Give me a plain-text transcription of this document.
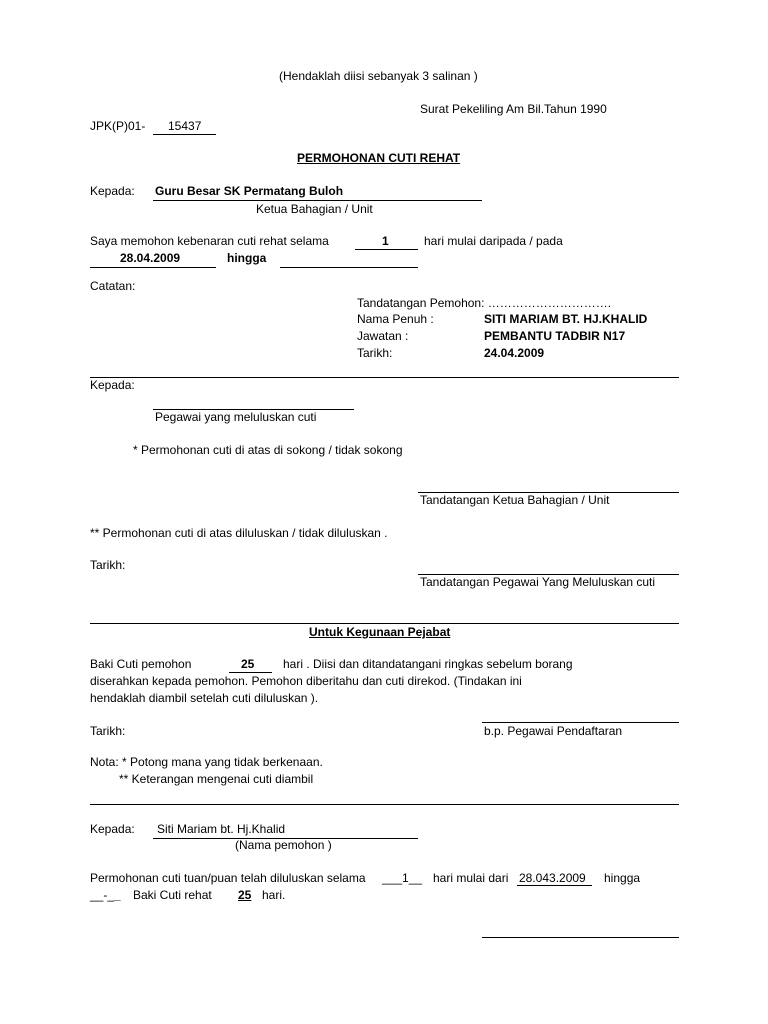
(Hendaklah diisi sebanyak 3 salinan )
Surat Pekeliling Am Bil.Tahun 1990
JPK(P)01- 15437
PERMOHONAN CUTI REHAT
Kepada: Guru Besar SK Permatang Buloh
Ketua Bahagian / Unit
Saya memohon kebenaran cuti rehat selama	1	hari mulai daripada / pada
28.04.2009	hingga
Catatan:
Tandatangan Pemohon: ………………………….
Nama Penuh :	SITI MARIAM BT. HJ.KHALID
Jawatan :	PEMBANTU TADBIR N17
Tarikh:	24.04.2009
Kepada:
Pegawai yang meluluskan cuti
* Permohonan cuti di atas di sokong / tidak sokong
Tandatangan Ketua Bahagian / Unit
** Permohonan cuti di atas diluluskan / tidak diluluskan .
Tarikh:
Tandatangan Pegawai Yang Meluluskan cuti
Untuk Kegunaan Pejabat
Baki Cuti pemohon	25 hari . Diisi dan ditandatangani ringkas sebelum borang
diserahkan kepada pemohon. Pemohon diberitahu dan cuti direkod. (Tindakan ini
hendaklah diambil setelah cuti diluluskan ).
Tarikh:	b.p. Pegawai Pendaftaran
Nota: * Potong mana yang tidak berkenaan.
** Keterangan mengenai cuti diambil
Kepada: Siti Mariam bt. Hj.Khalid
(Nama pemohon )
Permohonan cuti tuan/puan telah diluluskan selama ___1__ hari mulai dari 28.043.2009 hingga
__-__ Baki Cuti rehat 25 hari.
